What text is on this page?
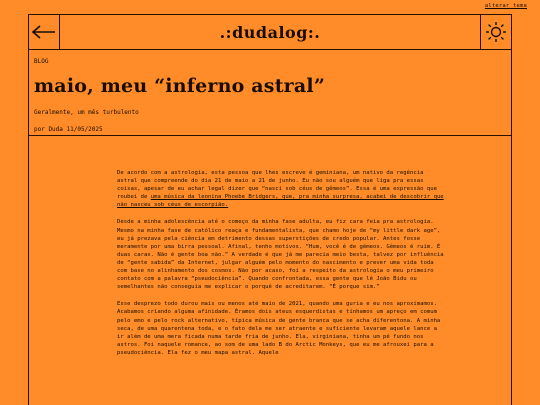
alterar tema
.:dudalog:.
BLOG
maio, meu “inferno astral”
Geralmente, um mês turbulento
por Duda 11/05/2025

De acordo com a astrologia, esta pessoa que lhes escreve é geminiana, um nativo da regência astral que compreende do dia 21 de maio a 21 de junho. Eu não sou alguém que liga pra essas coisas, apesar de eu achar legal dizer que “nasci sob céus de gêmeos”. Essa é uma expressão que roubei de uma música da leonina Phoebe Bridgers, que, pra minha surpresa, acabei de descobrir que não nasceu sob céus de escorpião.

Desde a minha adolescência até o começo da minha fase adulta, eu fiz cara feia pra astrologia. Mesmo na minha fase de católico reaça e fundamentalista, que chamo hoje de “my little dark age”, eu já prezava pela ciência em detrimento dessas superstições de credo popular. Antes fosse meramente por uma birra pessoal. Afinal, tenho motivos. “Hum, você é de gêmeos. Gêmeos é ruim. É duas caras. Não é gente boa não.” A verdade é que já me parecia meio besta, talvez por influência de “gente sabida” da Internet, julgar alguém pelo momento do nascimento e prever uma vida toda com base no alinhamento dos cosmos. Não por acaso, foi a respeito da astrologia o meu primeiro contato com a palavra “pseudociência”. Quando confrontada, essa gente que lê João Bidu ou semelhantes não conseguia me explicar o porquê de acreditarem. “É porque sim.”

Esse desprezo todo durou mais ou menos até maio de 2021, quando uma guria e eu nos aproximamos. Acabamos criando alguma afinidade. Éramos dois ateus esquerdistas e tínhamos um apreço em comum pelo emo e pelo rock alternativo, típica música de gente branca que se acha diferentona. A minha seca, de uma quarentena toda, e o fato dela me ser atraente e suficiente levaram aquele lance a ir além de uma mera ficada numa tarde fria de junho. Ela, virginiana, tinha um pé fundo nos astros. Foi naquele romance, ao som de uma lado B do Arctic Monkeys, que eu me afrouxei para a pseudociência. Ela fez o meu mapa astral. Aquele
